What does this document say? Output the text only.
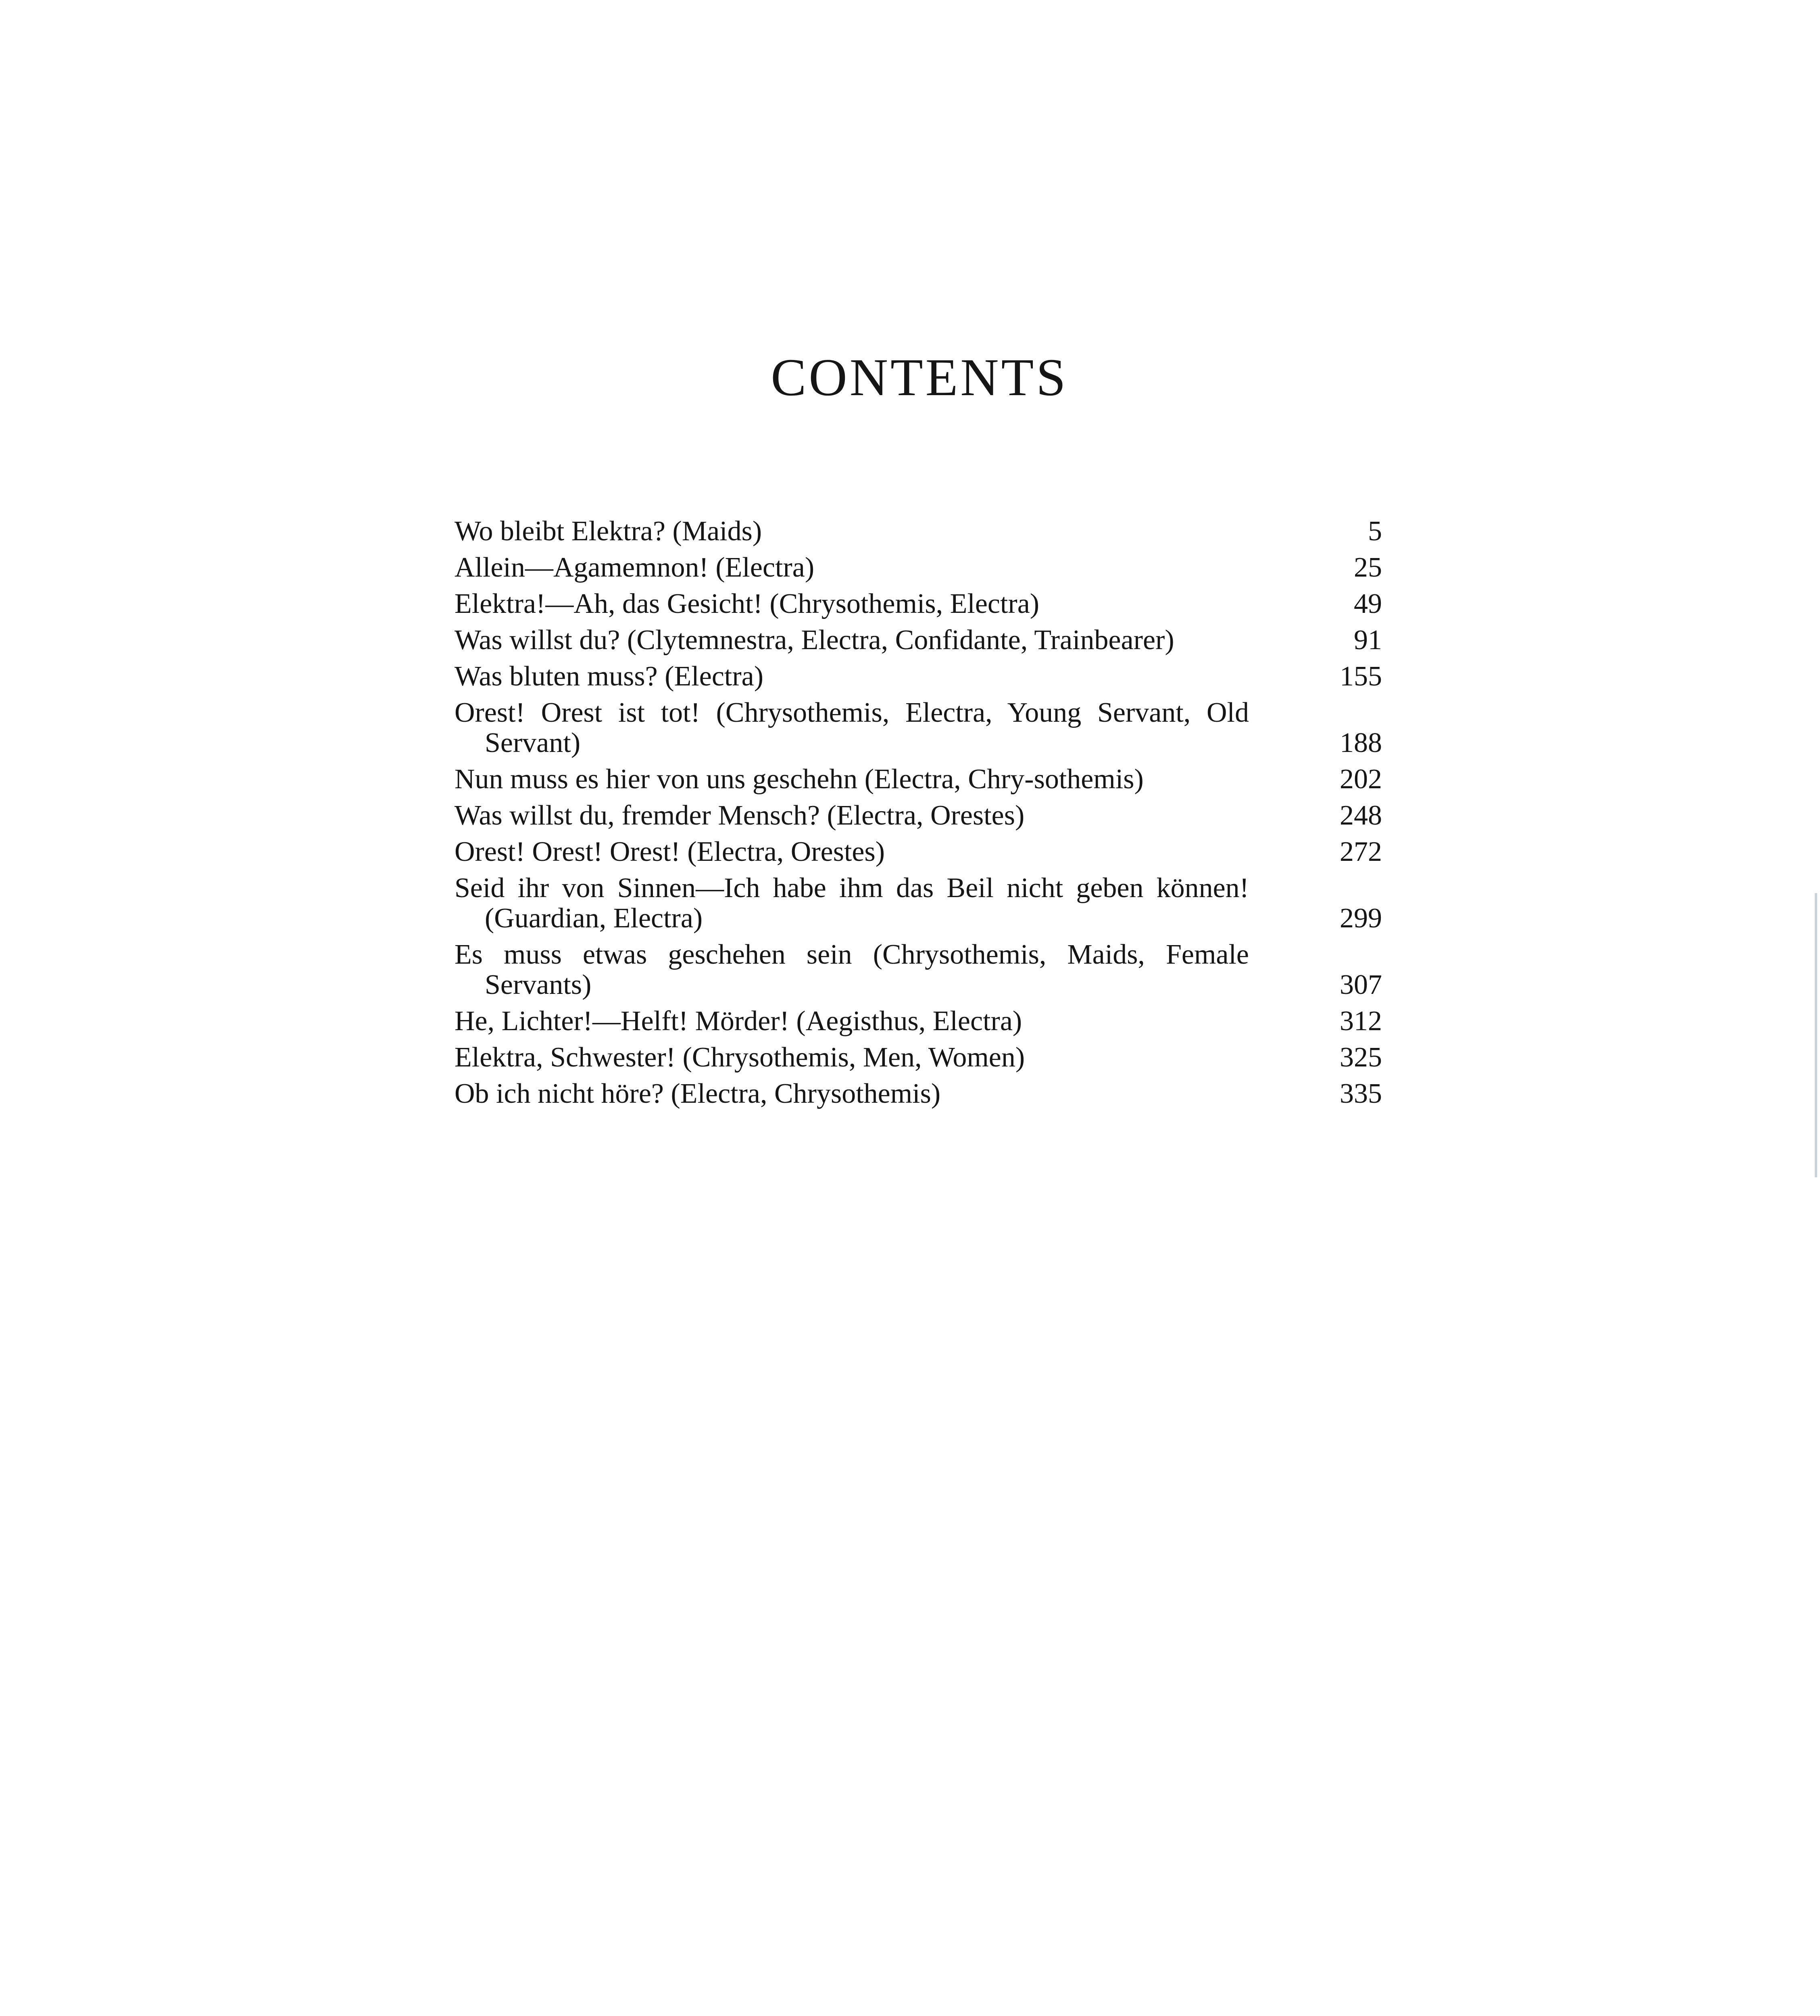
CONTENTS
Wo bleibt Elektra? (Maids)	5
Allein—Agamemnon! (Electra)	25
Elektra!—Ah, das Gesicht! (Chrysothemis, Electra)	49
Was willst du? (Clytemnestra, Electra, Confidante, Trainbearer)	91
Was bluten muss? (Electra)	155
Orest! Orest ist tot! (Chrysothemis, Electra, Young Servant, Old Servant)	188
Nun muss es hier von uns geschehn (Electra, Chry-sothemis)	202
Was willst du, fremder Mensch? (Electra, Orestes)	248
Orest! Orest! Orest! (Electra, Orestes)	272
Seid ihr von Sinnen—Ich habe ihm das Beil nicht geben können! (Guardian, Electra)	299
Es muss etwas geschehen sein (Chrysothemis, Maids, Female Servants)	307
He, Lichter!—Helft! Mörder! (Aegisthus, Electra)	312
Elektra, Schwester! (Chrysothemis, Men, Women)	325
Ob ich nicht höre? (Electra, Chrysothemis)	335
